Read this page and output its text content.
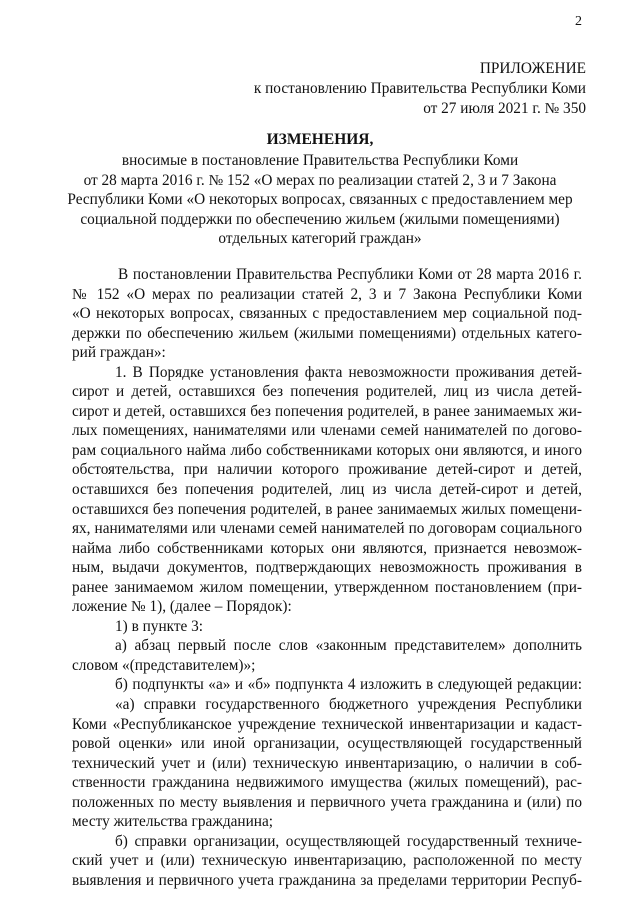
2
ПРИЛОЖЕНИЕ
к постановлению Правительства Республики Коми
от 27 июля 2021 г. № 350
ИЗМЕНЕНИЯ,
вносимые в постановление Правительства Республики Коми
от 28 марта 2016 г. № 152 «О мерах по реализации статей 2, 3 и 7 Закона
Республики Коми «О некоторых вопросах, связанных с предоставлением мер
социальной поддержки по обеспечению жильем (жилыми помещениями)
отдельных категорий граждан»
В постановлении Правительства Республики Коми от 28 марта 2016 г.
№ 152 «О мерах по реализации статей 2, 3 и 7 Закона Республики Коми
«О некоторых вопросах, связанных с предоставлением мер социальной под-
держки по обеспечению жильем (жилыми помещениями) отдельных катего-
рий граждан»:
1. В Порядке установления факта невозможности проживания детей-
сирот и детей, оставшихся без попечения родителей, лиц из числа детей-
сирот и детей, оставшихся без попечения родителей, в ранее занимаемых жи-
лых помещениях, нанимателями или членами семей нанимателей по догово-
рам социального найма либо собственниками которых они являются, и иного
обстоятельства, при наличии которого проживание детей-сирот и детей,
оставшихся без попечения родителей, лиц из числа детей-сирот и детей,
оставшихся без попечения родителей, в ранее занимаемых жилых помещени-
ях, нанимателями или членами семей нанимателей по договорам социального
найма либо собственниками которых они являются, признается невозмож-
ным, выдачи документов, подтверждающих невозможность проживания в
ранее занимаемом жилом помещении, утвержденном постановлением (при-
ложение № 1), (далее – Порядок):
1) в пункте 3:
а) абзац первый после слов «законным представителем» дополнить
словом «(представителем)»;
б) подпункты «а» и «б» подпункта 4 изложить в следующей редакции:
«а) справки государственного бюджетного учреждения Республики
Коми «Республиканское учреждение технической инвентаризации и кадаст-
ровой оценки» или иной организации, осуществляющей государственный
технический учет и (или) техническую инвентаризацию, о наличии в соб-
ственности гражданина недвижимого имущества (жилых помещений), рас-
положенных по месту выявления и первичного учета гражданина и (или) по
месту жительства гражданина;
б) справки организации, осуществляющей государственный техниче-
ский учет и (или) техническую инвентаризацию, расположенной по месту
выявления и первичного учета гражданина за пределами территории Респуб-
